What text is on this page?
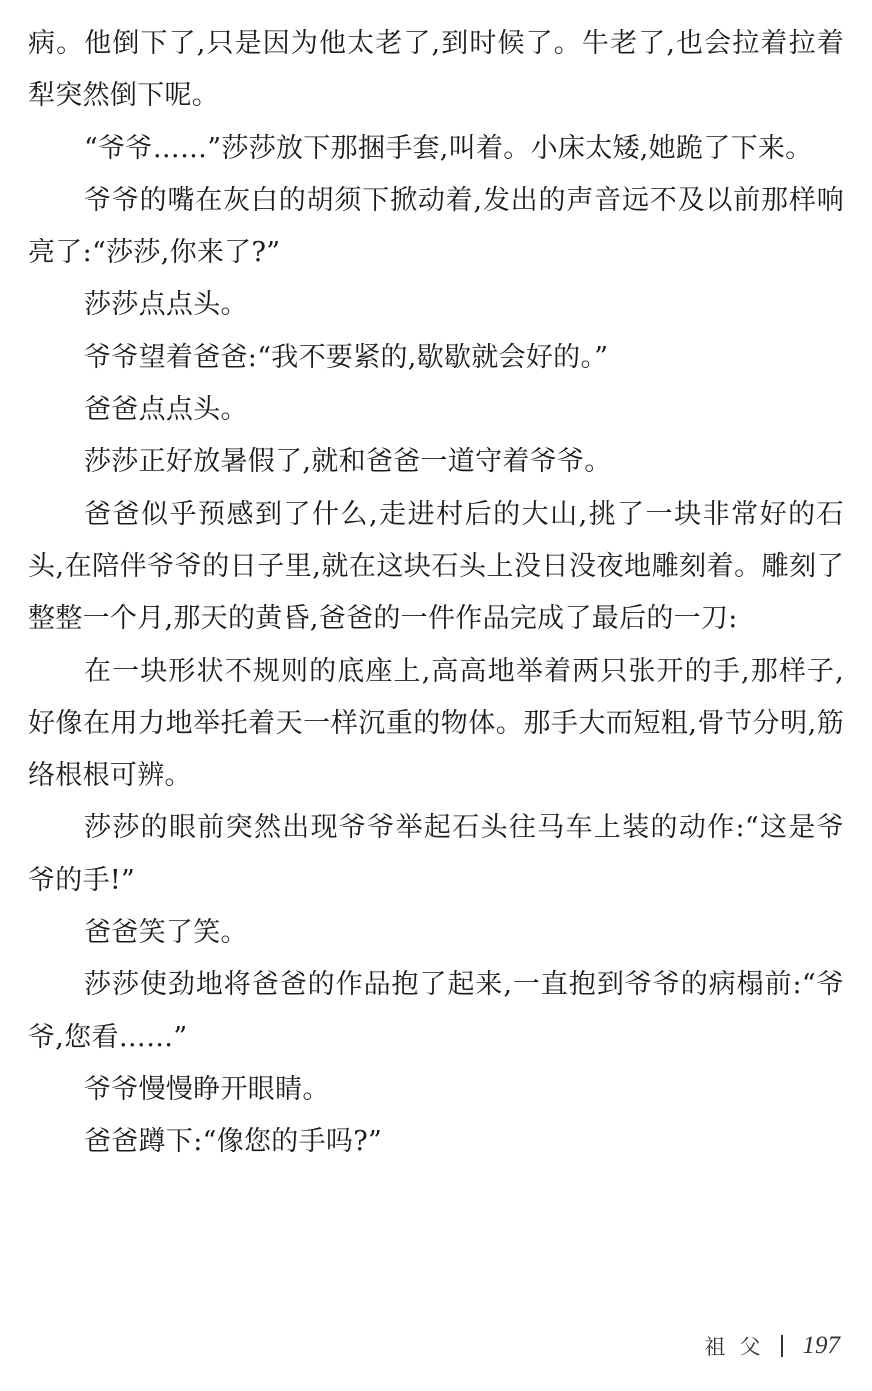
病。他倒下了,只是因为他太老了,到时候了。牛老了,也会拉着拉着犁突然倒下呢。

“爷爷……”莎莎放下那捆手套,叫着。小床太矮,她跪了下来。

爷爷的嘴在灰白的胡须下掀动着,发出的声音远不及以前那样响亮了:“莎莎,你来了?”

莎莎点点头。

爷爷望着爸爸:“我不要紧的,歇歇就会好的。”

爸爸点点头。

莎莎正好放暑假了,就和爸爸一道守着爷爷。

爸爸似乎预感到了什么,走进村后的大山,挑了一块非常好的石头,在陪伴爷爷的日子里,就在这块石头上没日没夜地雕刻着。雕刻了整整一个月,那天的黄昏,爸爸的一件作品完成了最后的一刀:

在一块形状不规则的底座上,高高地举着两只张开的手,那样子,好像在用力地举托着天一样沉重的物体。那手大而短粗,骨节分明,筋络根根可辨。

莎莎的眼前突然出现爷爷举起石头往马车上装的动作:“这是爷爷的手!”

爸爸笑了笑。

莎莎使劲地将爸爸的作品抱了起来,一直抱到爷爷的病榻前:“爷爷,您看……”

爷爷慢慢睁开眼睛。

爸爸蹲下:“像您的手吗?”

祖父 197
